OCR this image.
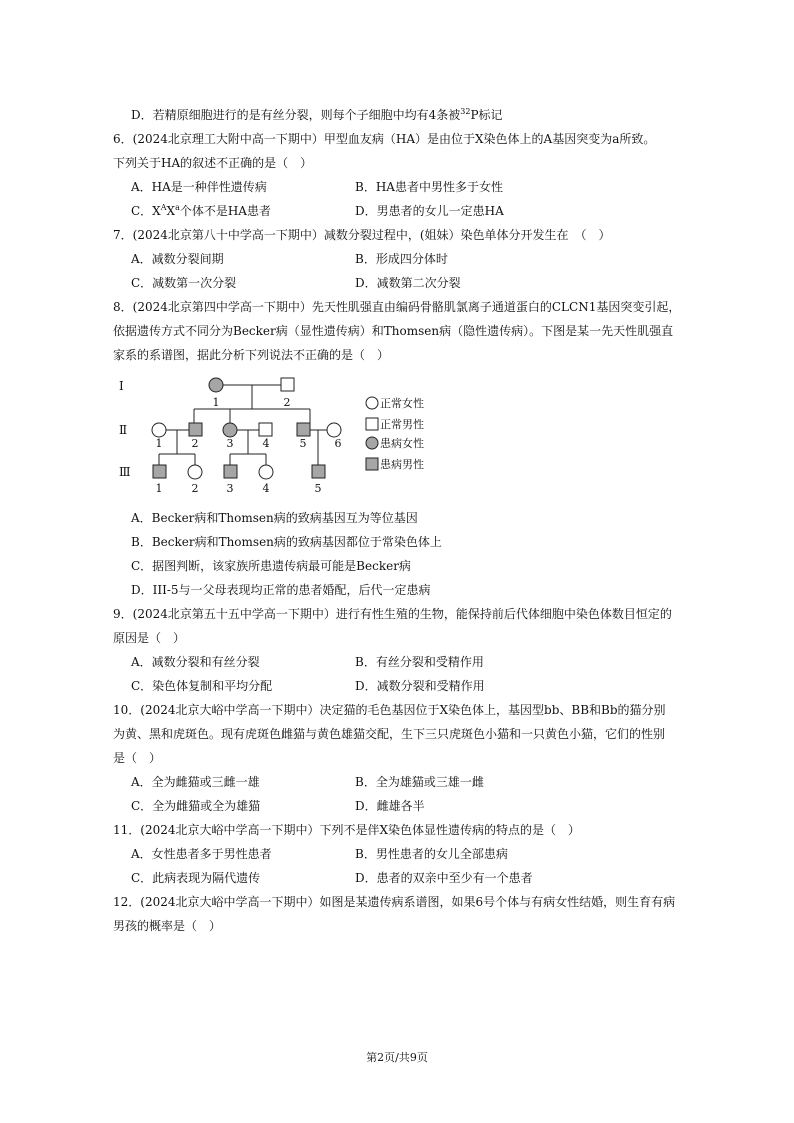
D．若精原细胞进行的是有丝分裂，则每个子细胞中均有4条被$^{32}$P标记
6．(2024北京理工大附中高一下期中）甲型血友病（HA）是由位于X染色体上的A基因突变为a所致。
下列关于HA的叙述不正确的是（　）
A．HA是一种伴性遗传病	B．HA患者中男性多于女性
C．$X^AX^a$个体不是HA患者	D．男患者的女儿一定患HA
7．(2024北京第八十中学高一下期中）减数分裂过程中，(姐妹）染色单体分开发生在　（　）
A．减数分裂间期	B．形成四分体时
C．减数第一次分裂	D．减数第二次分裂
8．(2024北京第四中学高一下期中）先天性肌强直由编码骨骼肌氯离子通道蛋白的CLCN1基因突变引起，
依据遗传方式不同分为Becker病（显性遗传病）和Thomsen病（隐性遗传病）。下图是某一先天性肌强直
家系的系谱图，据此分析下列说法不正确的是（　）
I
Ⅱ
Ⅲ
1	2
1	2	3	4	5	6
1	2	3	4	5
正常女性
正常男性
患病女性
患病男性
A．Becker病和Thomsen病的致病基因互为等位基因
B．Becker病和Thomsen病的致病基因都位于常染色体上
C．据图判断，该家族所患遗传病最可能是Becker病
D．III-5与一父母表现均正常的患者婚配，后代一定患病
9．(2024北京第五十五中学高一下期中）进行有性生殖的生物，能保持前后代体细胞中染色体数目恒定的
原因是（　）
A．减数分裂和有丝分裂	B．有丝分裂和受精作用
C．染色体复制和平均分配	D．减数分裂和受精作用
10．(2024北京大峪中学高一下期中）决定猫的毛色基因位于X染色体上，基因型bb、BB和Bb的猫分别
为黄、黑和虎斑色。现有虎斑色雌猫与黄色雄猫交配，生下三只虎斑色小猫和一只黄色小猫，它们的性别
是（　）
A．全为雌猫或三雌一雄	B．全为雄猫或三雄一雌
C．全为雌猫或全为雄猫	D．雌雄各半
11．(2024北京大峪中学高一下期中）下列不是伴X染色体显性遗传病的特点的是（　）
A．女性患者多于男性患者	B．男性患者的女儿全部患病
C．此病表现为隔代遗传	D．患者的双亲中至少有一个患者
12．(2024北京大峪中学高一下期中）如图是某遗传病系谱图，如果6号个体与有病女性结婚，则生育有病
男孩的概率是（　）
第2页/共9页
